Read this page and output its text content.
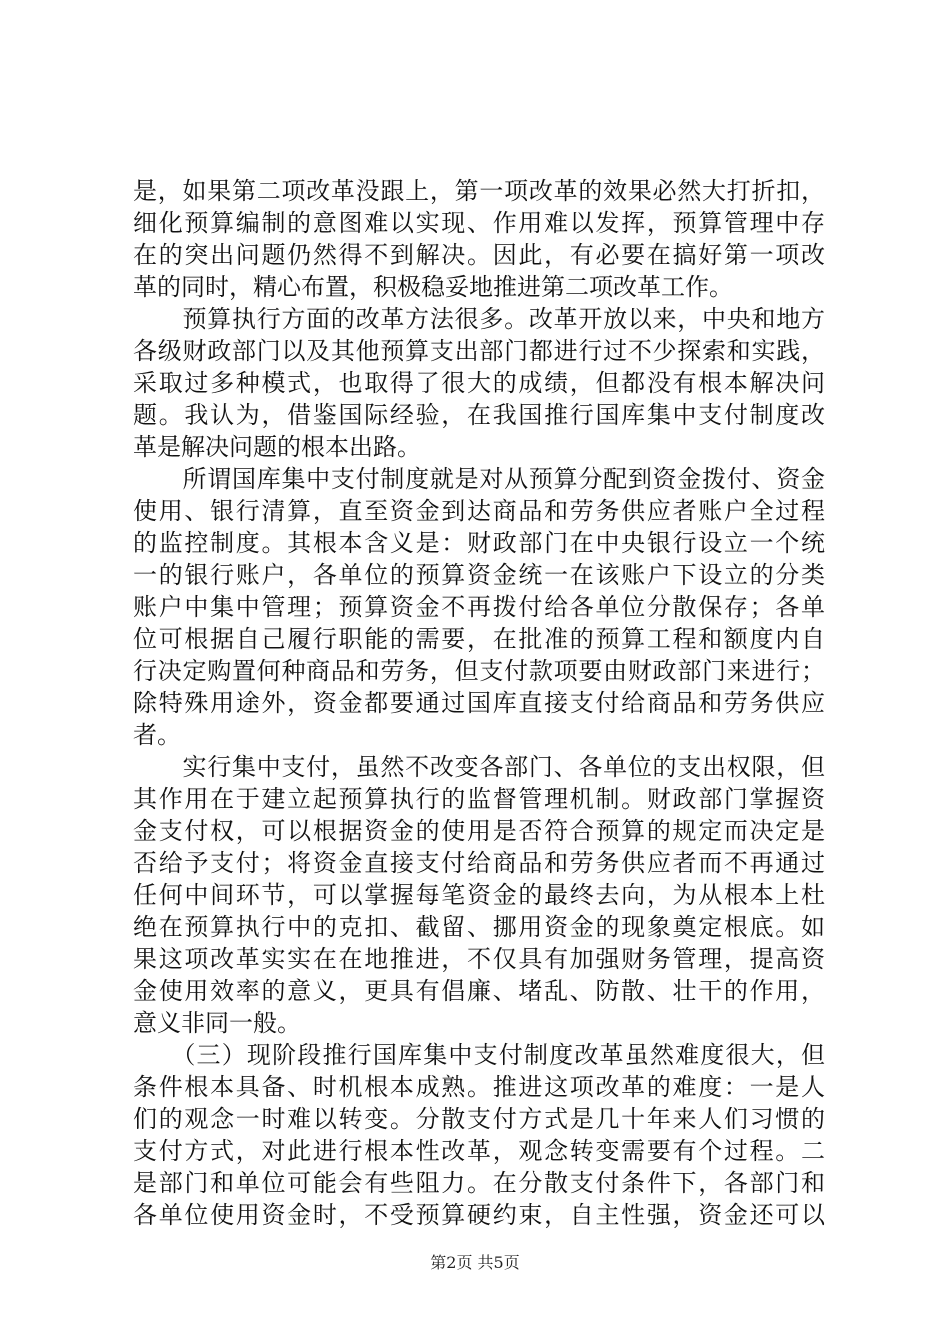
是，如果第二项改革没跟上，第一项改革的效果必然大打折扣，
细化预算编制的意图难以实现、作用难以发挥，预算管理中存
在的突出问题仍然得不到解决。因此，有必要在搞好第一项改
革的同时，精心布置，积极稳妥地推进第二项改革工作。
　　预算执行方面的改革方法很多。改革开放以来，中央和地方
各级财政部门以及其他预算支出部门都进行过不少探索和实践，
采取过多种模式，也取得了很大的成绩，但都没有根本解决问
题。我认为，借鉴国际经验，在我国推行国库集中支付制度改
革是解决问题的根本出路。
　　所谓国库集中支付制度就是对从预算分配到资金拨付、资金
使用、银行清算，直至资金到达商品和劳务供应者账户全过程
的监控制度。其根本含义是：财政部门在中央银行设立一个统
一的银行账户，各单位的预算资金统一在该账户下设立的分类
账户中集中管理；预算资金不再拨付给各单位分散保存；各单
位可根据自己履行职能的需要，在批准的预算工程和额度内自
行决定购置何种商品和劳务，但支付款项要由财政部门来进行；
除特殊用途外，资金都要通过国库直接支付给商品和劳务供应
者。
　　实行集中支付，虽然不改变各部门、各单位的支出权限，但
其作用在于建立起预算执行的监督管理机制。财政部门掌握资
金支付权，可以根据资金的使用是否符合预算的规定而决定是
否给予支付；将资金直接支付给商品和劳务供应者而不再通过
任何中间环节，可以掌握每笔资金的最终去向，为从根本上杜
绝在预算执行中的克扣、截留、挪用资金的现象奠定根底。如
果这项改革实实在在地推进，不仅具有加强财务管理，提高资
金使用效率的意义，更具有倡廉、堵乱、防散、壮干的作用，
意义非同一般。
　　（三）现阶段推行国库集中支付制度改革虽然难度很大，但
条件根本具备、时机根本成熟。推进这项改革的难度：一是人
们的观念一时难以转变。分散支付方式是几十年来人们习惯的
支付方式，对此进行根本性改革，观念转变需要有个过程。二
是部门和单位可能会有些阻力。在分散支付条件下，各部门和
各单位使用资金时，不受预算硬约束，自主性强，资金还可以
第2页 共5页
